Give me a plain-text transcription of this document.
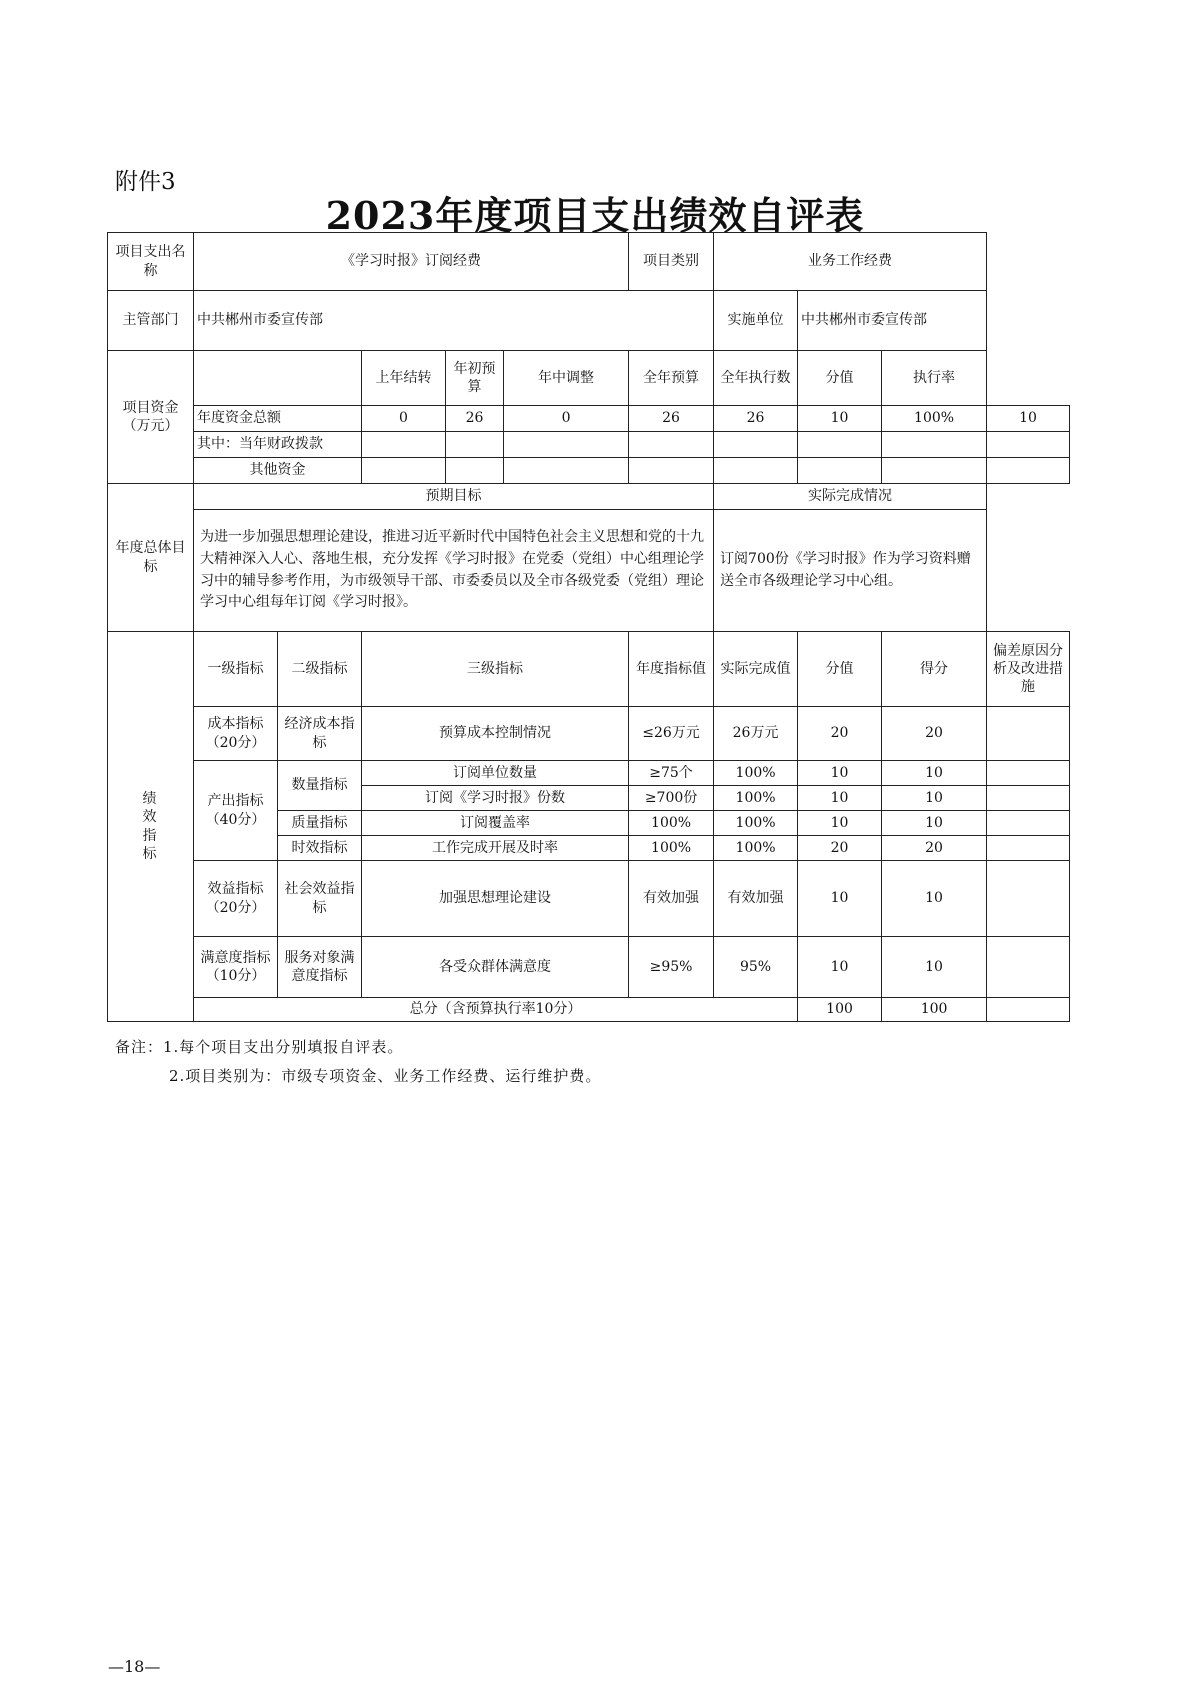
附件3
2023年度项目支出绩效自评表
项目支出名称	《学习时报》订阅经费					项目类别	业务工作经费			
主管部门	中共郴州市委宣传部						实施单位	中共郴州市委宣传部		
项目资金（万元）			上年结转	年初预算	年中调整	全年预算	全年执行数	分值	执行率	
	年度资金总额		0	26	0	26	26	10	100%	10
	其中：当年财政拨款									
	其他资金									
年度总体目标	预期目标						实际完成情况			
	为进一步加强思想理论建设，推进习近平新时代中国特色社会主义思想和党的十九大精神深入人心、落地生根，充分发挥《学习时报》在党委（党组）中心组理论学习中的辅导参考作用，为市级领导干部、市委委员以及全市各级党委（党组）理论学习中心组每年订阅《学习时报》。						订阅700份《学习时报》作为学习资料赠送全市各级理论学习中心组。			
绩效指标	一级指标	二级指标	三级指标			年度指标值	实际完成值	分值	得分	偏差原因分析及改进措施
	成本指标（20分）	经济成本指标	预算成本控制情况			≤26万元	26万元	20	20	
	产出指标（40分）	数量指标	订阅单位数量			≥75个	100%	10	10	
			订阅《学习时报》份数			≥700份	100%	10	10	
		质量指标	订阅覆盖率			100%	100%	10	10	
		时效指标	工作完成开展及时率			100%	100%	20	20	
	效益指标（20分）	社会效益指标	加强思想理论建设			有效加强	有效加强	10	10	
	满意度指标（10分）	服务对象满意度指标	各受众群体满意度			≥95%	95%	10	10	
	总分（含预算执行率10分）							100	100	
备注：1.每个项目支出分别填报自评表。
2.项目类别为：市级专项资金、业务工作经费、运行维护费。
—18—
